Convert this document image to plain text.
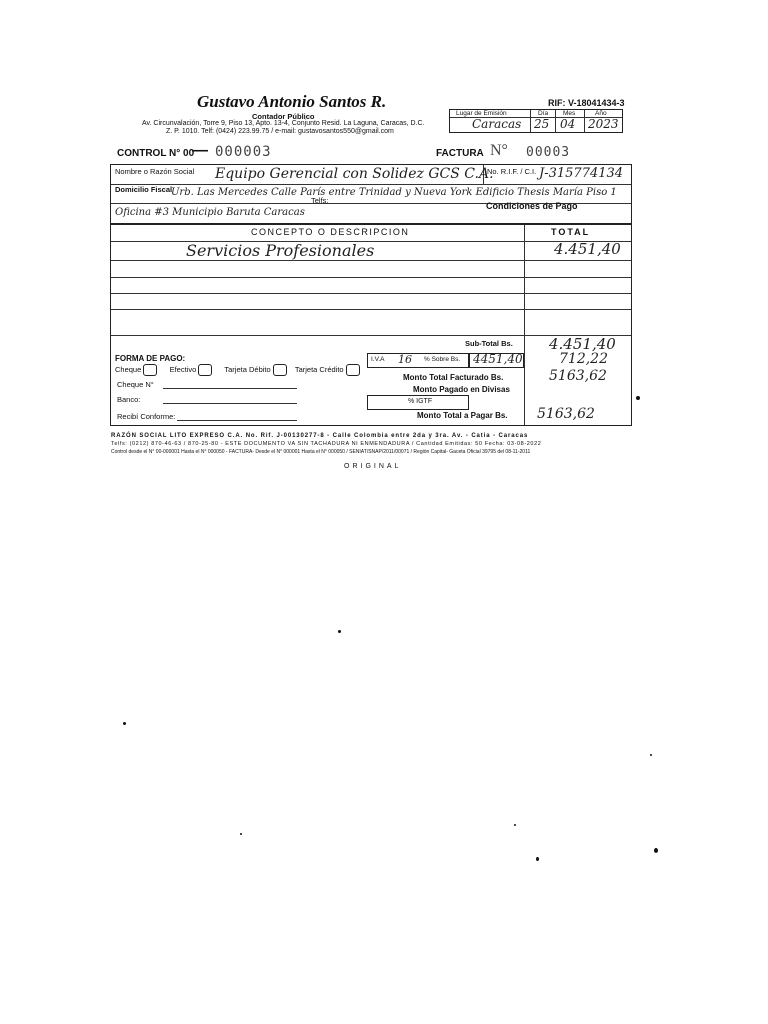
Gustavo Antonio Santos R.
Contador Público
Av. Circunvalación, Torre 9, Piso 13, Apto. 13-4, Conjunto Resid. La Laguna, Caracas, D.C.
Z. P. 1010. Telf: (0424) 223.99.75 / e-mail: gustavosantos550@gmail.com
RIF: V-18041434-3
Lugar de Emisión	Día Mes	Año
Caracas 25 04 2023
CONTROL N° 00
— 000003	FACTURA N° 00003
Nombre o Razón Social Equipo Gerencial con Solidez GCS C.A.
No. R.I.F. / C.I. J-315774134
Domicilio Fiscal
Urb. Las Mercedes Calle París entre Trinidad y Nueva York Edificio Thesis María Piso 1
Telfs:
Condiciones de Pago
Oficina #3 Municipio Baruta Caracas
CONCEPTO O DESCRIPCION	TOTAL
Servicios Profesionales	4.451,40
Sub-Total Bs. 4.451,40
I.V.A 16 % Sobre Bs. 4451,40	712,22
Monto Total Facturado Bs.	5163,62
Monto Pagado en Divisas
% IGTF
Monto Total a Pagar Bs. 5163,62
FORMA DE PAGO:
Cheque	Efectivo	Tarjeta Débito	Tarjeta Crédito
Cheque N°
Banco:
Recibí Conforme:
RAZÓN SOCIAL LITO EXPRESO C.A. No. Rif. J-00130277-8 - Calle Colombia entre 2da y 3ra. Av. - Catia - Caracas
Telfs: (0212) 870-46-63 / 870-25-80 - ESTE DOCUMENTO VA SIN TACHADURA NI ENMENDADURA / Cantidad Emitidas: 50 Fecha: 03-08-2022
Control desde el N° 00-000001 Hasta el N° 000050 - FACTURA- Desde el N° 000001 Hasta el N° 000050 / SENIAT/SNAP/2011/00071 / Región Capital- Gaceta Oficial 39795 del 08-11-2011
ORIGINAL
